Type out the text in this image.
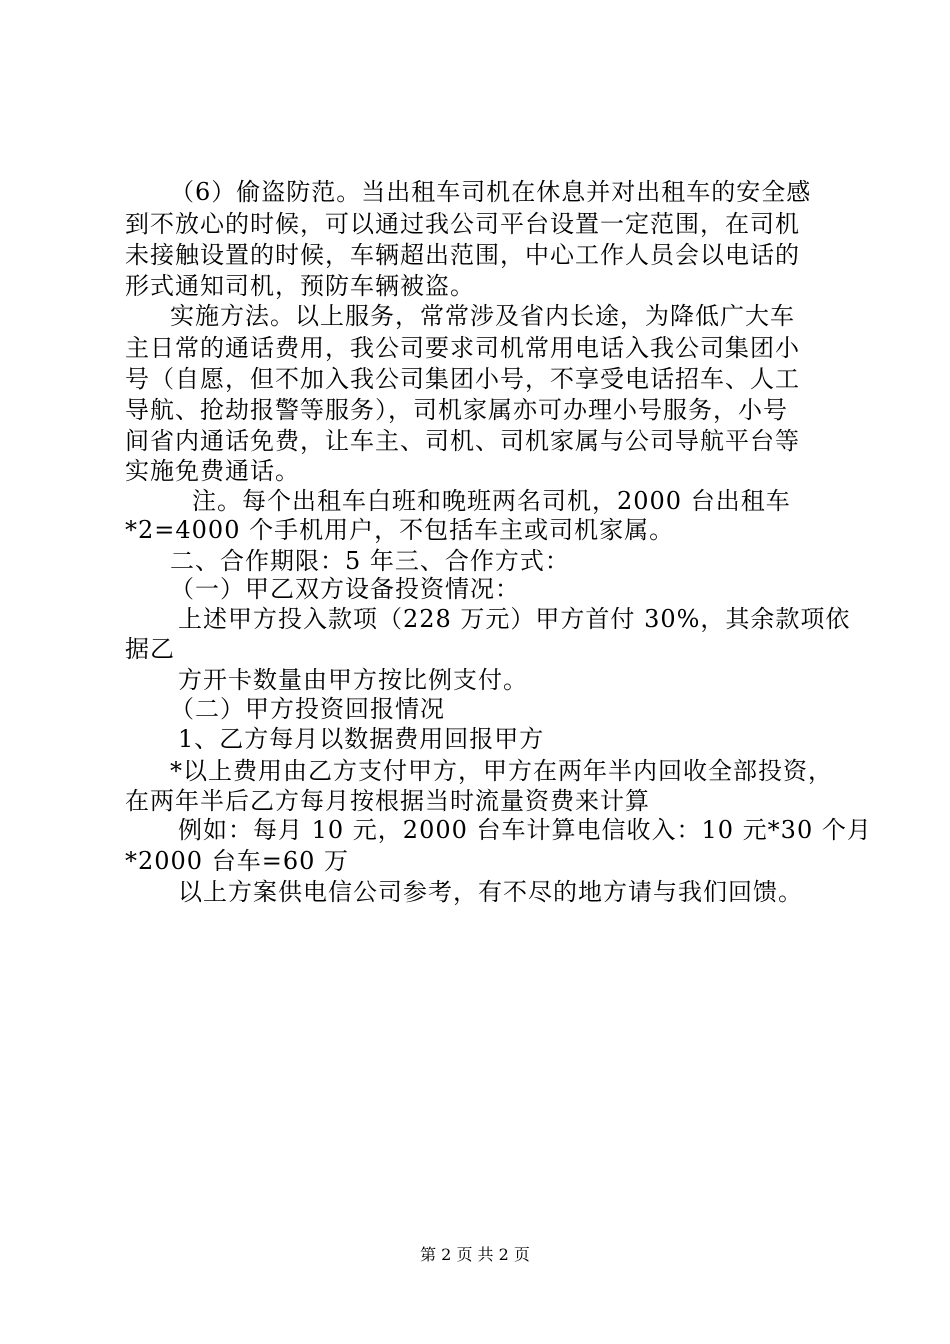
（6）偷盗防范。当出租车司机在休息并对出租车的安全感
到不放心的时候，可以通过我公司平台设置一定范围，在司机
未接触设置的时候，车辆超出范围，中心工作人员会以电话的
形式通知司机，预防车辆被盗。
实施方法。以上服务，常常涉及省内长途，为降低广大车
主日常的通话费用，我公司要求司机常用电话入我公司集团小
号（自愿，但不加入我公司集团小号，不享受电话招车、人工
导航、抢劫报警等服务），司机家属亦可办理小号服务，小号
间省内通话免费，让车主、司机、司机家属与公司导航平台等
实施免费通话。
注。每个出租车白班和晚班两名司机，2000 台出租车
*2=4000 个手机用户，不包括车主或司机家属。
二、合作期限：5 年三、合作方式：
（一）甲乙双方设备投资情况：
上述甲方投入款项（228 万元）甲方首付 30%，其余款项依
据乙
方开卡数量由甲方按比例支付。
（二）甲方投资回报情况
1、乙方每月以数据费用回报甲方
*以上费用由乙方支付甲方，甲方在两年半内回收全部投资，
在两年半后乙方每月按根据当时流量资费来计算
例如：每月 10 元，2000 台车计算电信收入：10 元*30 个月
*2000 台车=60 万
以上方案供电信公司参考，有不尽的地方请与我们回馈。
第 2 页 共 2 页
